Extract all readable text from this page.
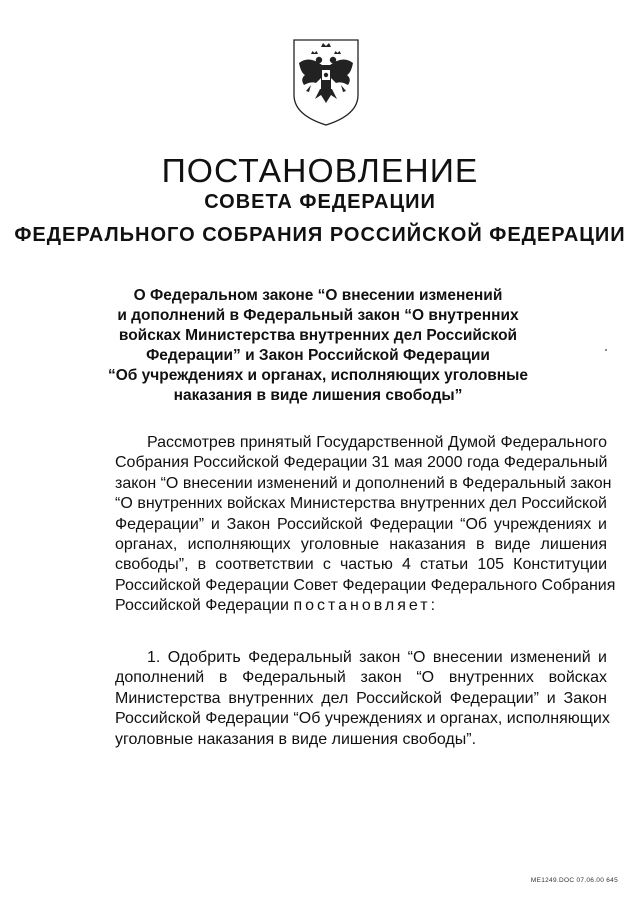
ПОСТАНОВЛЕНИЕ
СОВЕТА ФЕДЕРАЦИИ
ФЕДЕРАЛЬНОГО СОБРАНИЯ РОССИЙСКОЙ ФЕДЕРАЦИИ
О Федеральном законе “О внесении изменений
и дополнений в Федеральный закон “О внутренних
войсках Министерства внутренних дел Российской
Федерации” и Закон Российской Федерации
“Об учреждениях и органах, исполняющих уголовные
наказания в виде лишения свободы”
Рассмотрев принятый Государственной Думой Федерального
Собрания Российской Федерации 31 мая 2000 года Федеральный
закон “О внесении изменений и дополнений в Федеральный закон
“О внутренних войсках Министерства внутренних дел Российской
Федерации” и Закон Российской Федерации “Об учреждениях и
органах, исполняющих уголовные наказания в виде лишения
свободы”, в соответствии с частью 4 статьи 105 Конституции
Российской Федерации Совет Федерации Федерального Собрания
Российской Федерации постановляет:
1. Одобрить Федеральный закон “О внесении изменений и
дополнений в Федеральный закон “О внутренних войсках
Министерства внутренних дел Российской Федерации” и Закон
Российской Федерации “Об учреждениях и органах, исполняющих
уголовные наказания в виде лишения свободы”.
ME1249.DOC 07.06.00 645
